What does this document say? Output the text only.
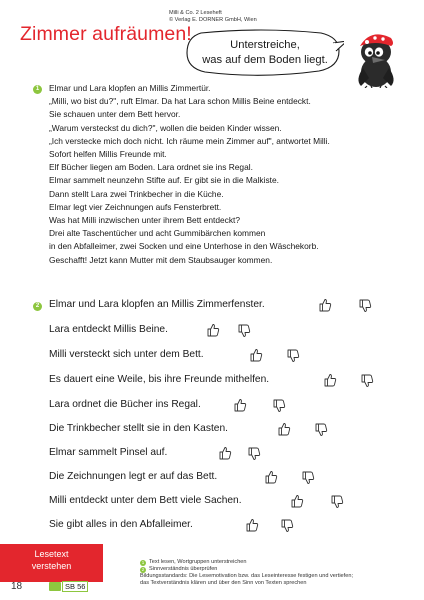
Milli & Co. 2 Leseheft
© Verlag E. DORNER GmbH, Wien
Zimmer aufräumen!	Unterstreiche,
was auf dem Boden liegt.
1	Elmar und Lara klopfen an Millis Zimmertür.
„Milli, wo bist du?", ruft Elmar. Da hat Lara schon Millis Beine entdeckt.
Sie schauen unter dem Bett hervor.
„Warum versteckst du dich?", wollen die beiden Kinder wissen.
„Ich verstecke mich doch nicht. Ich räume mein Zimmer auf", antwortet Milli.
Sofort helfen Millis Freunde mit.
Elf Bücher liegen am Boden. Lara ordnet sie ins Regal.
Elmar sammelt neunzehn Stifte auf. Er gibt sie in die Malkiste.
Dann stellt Lara zwei Trinkbecher in die Küche.
Elmar legt vier Zeichnungen aufs Fensterbrett.
Was hat Milli inzwischen unter ihrem Bett entdeckt?
Drei alte Taschentücher und acht Gummibärchen kommen
in den Abfalleimer, zwei Socken und eine Unterhose in den Wäschekorb.
Geschafft! Jetzt kann Mutter mit dem Staubsauger kommen.
2 Elmar und Lara klopfen an Millis Zimmerfenster.
Lara entdeckt Millis Beine.
Milli versteckt sich unter dem Bett.
Es dauert eine Weile, bis ihre Freunde mithelfen.
Lara ordnet die Bücher ins Regal.
Die Trinkbecher stellt sie in den Kasten.
Elmar sammelt Pinsel auf.
Die Zeichnungen legt er auf das Bett.
Milli entdeckt unter dem Bett viele Sachen.
Sie gibt alles in den Abfalleimer.
Lesetext
verstehen
18	SB 56
1 Text lesen, Wortgruppen unterstreichen
2 Sinnverständnis überprüfen
Bildungsstandards: Die Lesemotivation bzw. das Leseinteresse festigen und vertiefen;
das Textverständnis klären und über den Sinn von Texten sprechen
